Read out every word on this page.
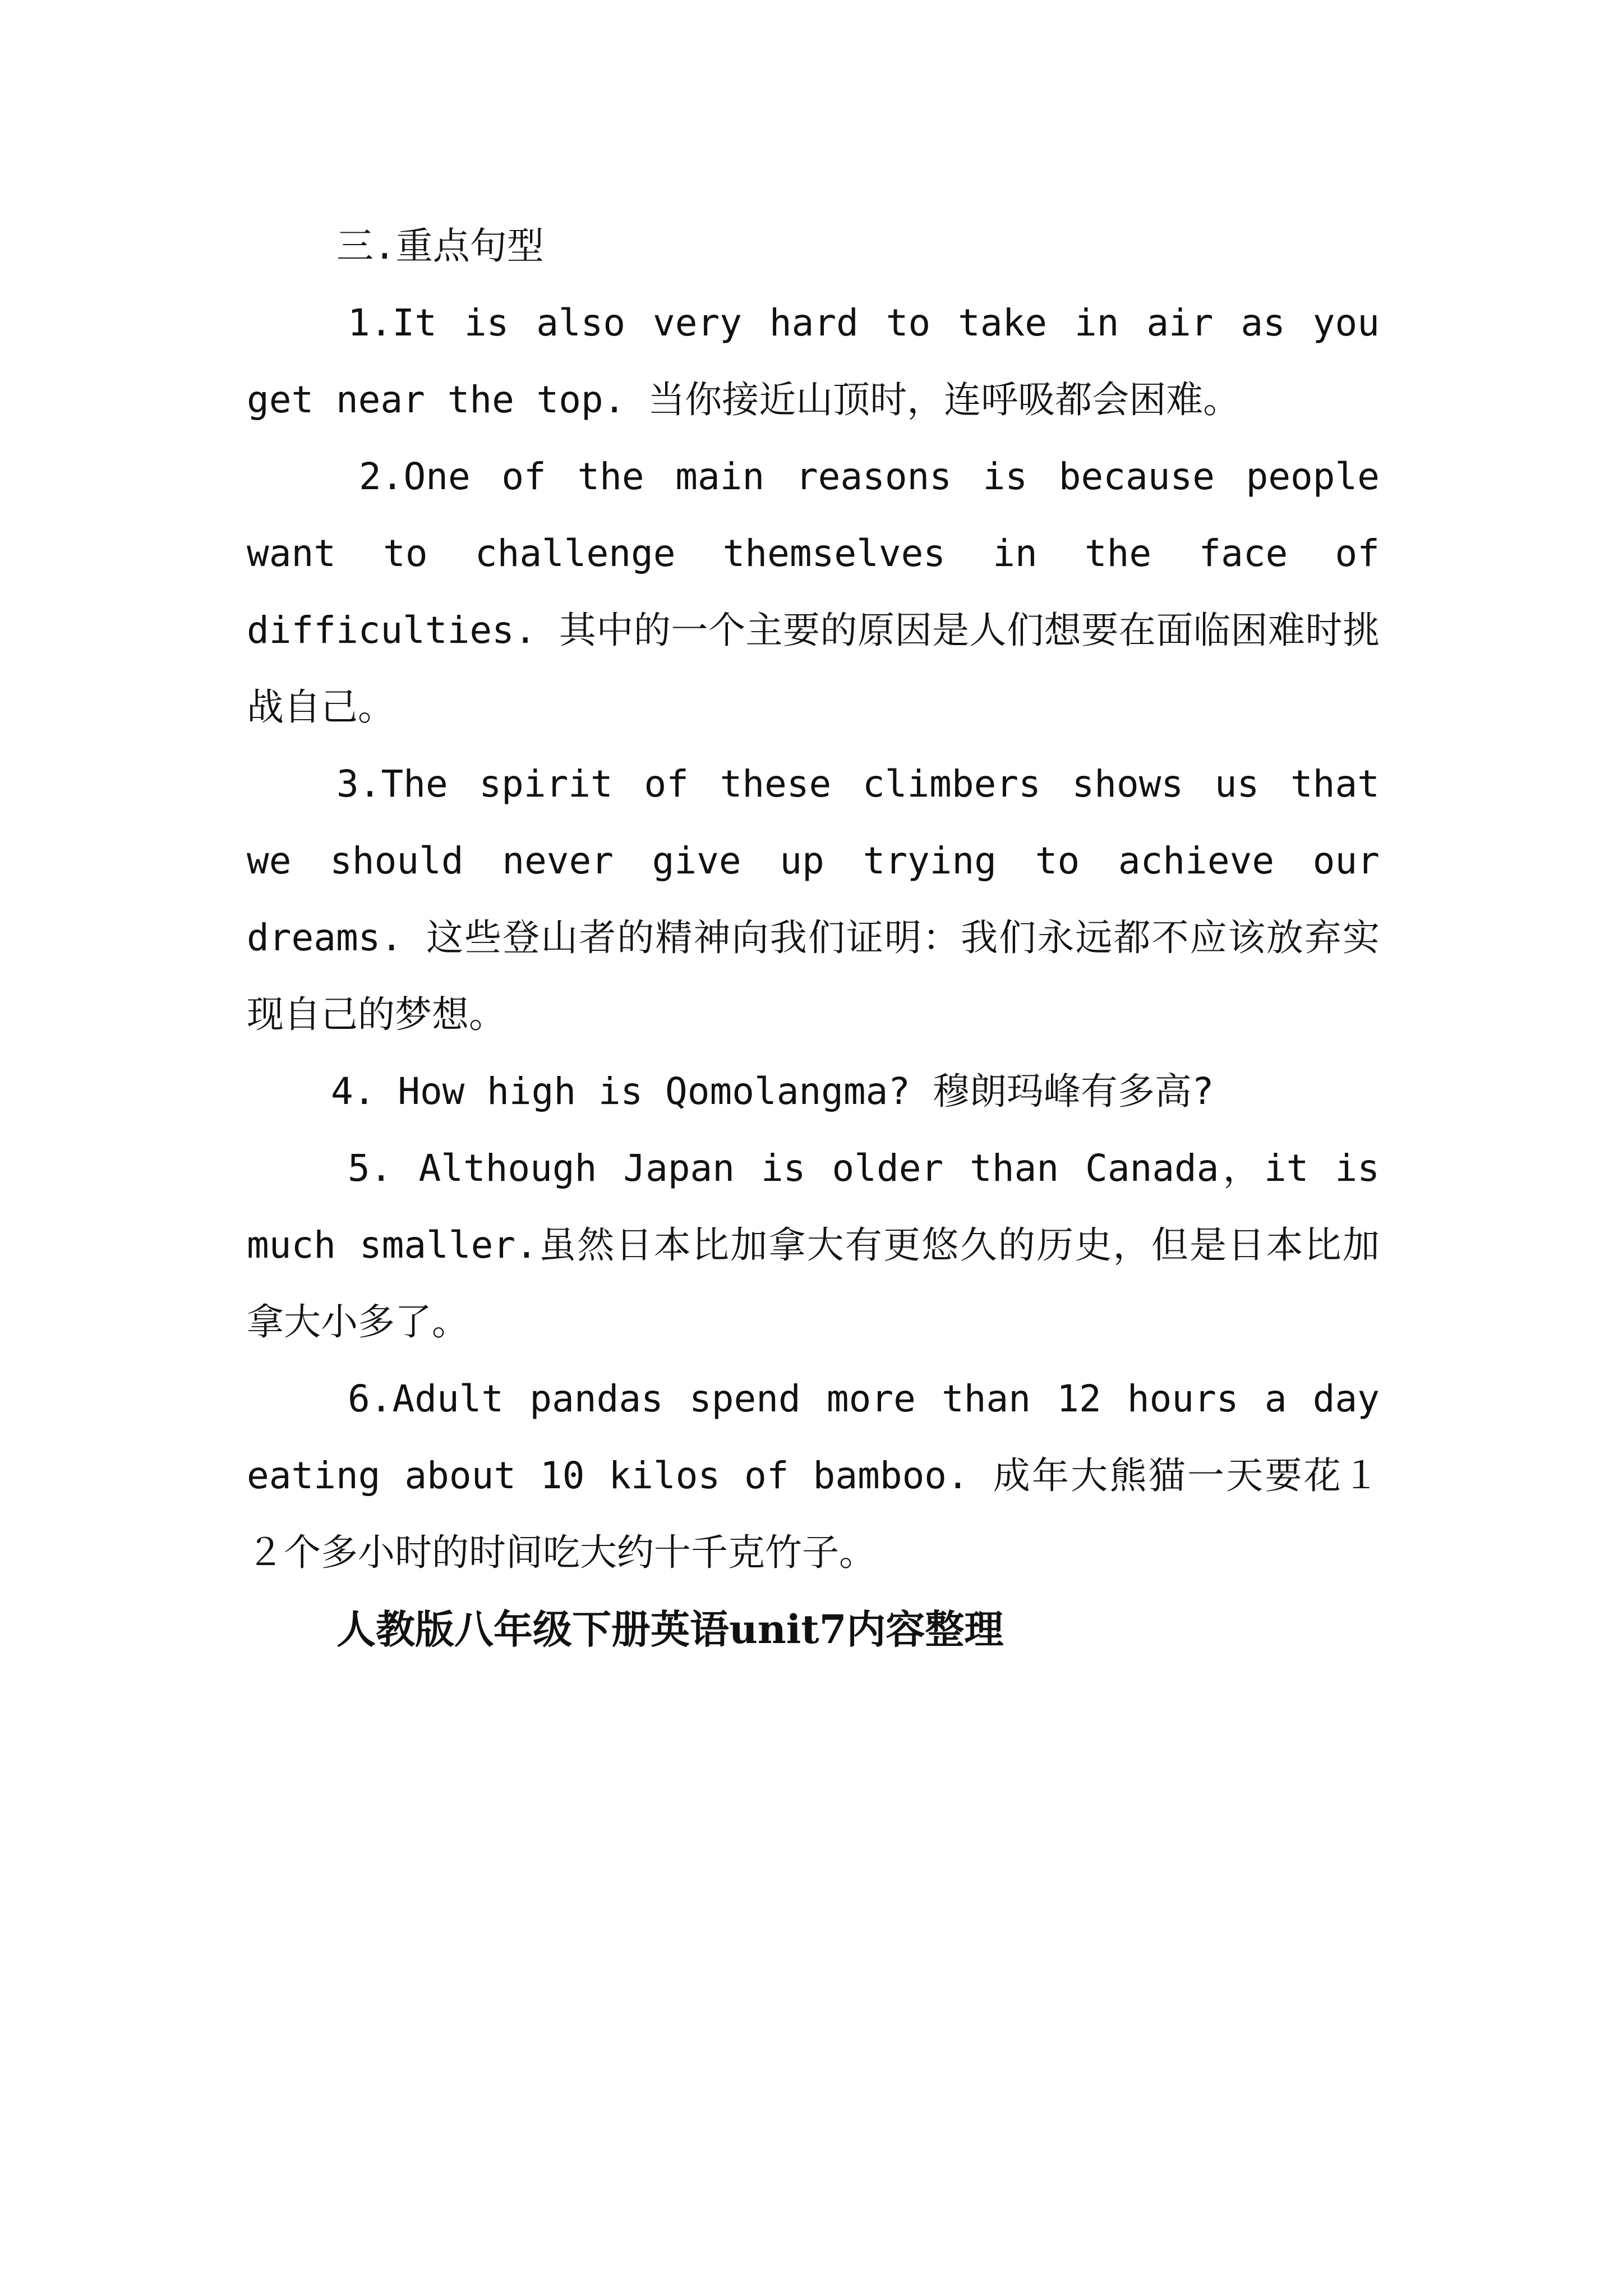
三.重点句型

1.It is also very hard to take in air as you get near the top. 当你接近山顶时，连呼吸都会困难。

2.One of the main reasons is because people want to challenge themselves in the face of difficulties. 其中的一个主要的原因是人们想要在面临困难时挑战自己。

3.The spirit of these climbers shows us that we should never give up trying to achieve our dreams. 这些登山者的精神向我们证明：我们永远都不应该放弃实现自己的梦想。

4. How high is Qomolangma? 穆朗玛峰有多高?

5. Although Japan is older than Canada，it is much smaller.虽然日本比加拿大有更悠久的历史，但是日本比加拿大小多了。

6.Adult pandas spend more than 12 hours a day eating about 10 kilos of bamboo. 成年大熊猫一天要花１２个多小时的时间吃大约十千克竹子。

人教版八年级下册英语unit7内容整理
